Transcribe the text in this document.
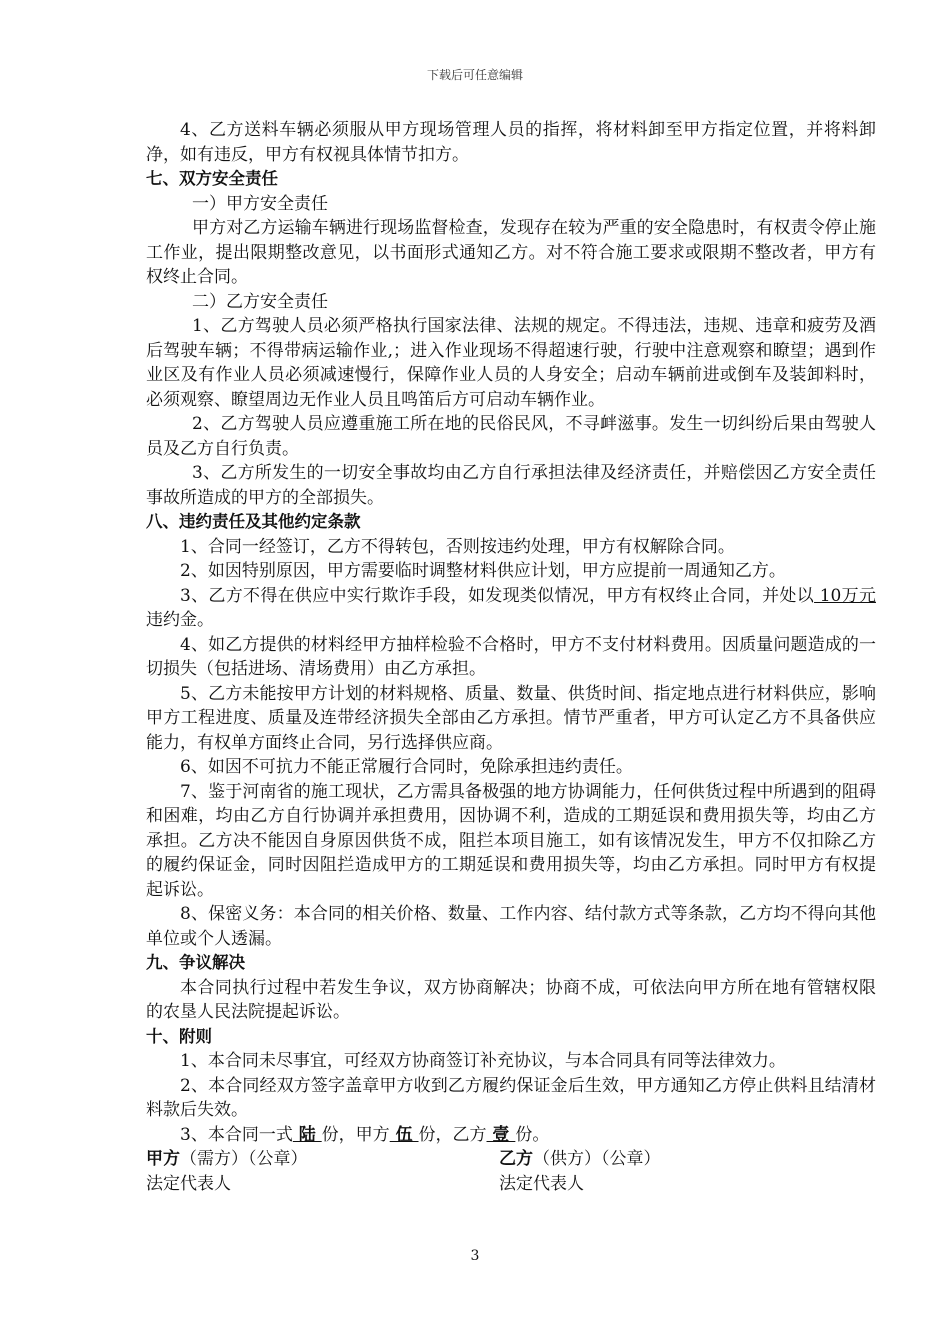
下载后可任意编辑

4、乙方送料车辆必须服从甲方现场管理人员的指挥，将材料卸至甲方指定位置，并将料卸净，如有违反，甲方有权视具体情节扣方。

七、双方安全责任

一）甲方安全责任

甲方对乙方运输车辆进行现场监督检查，发现存在较为严重的安全隐患时，有权责令停止施工作业，提出限期整改意见，以书面形式通知乙方。对不符合施工要求或限期不整改者，甲方有权终止合同。

二）乙方安全责任

1、乙方驾驶人员必须严格执行国家法律、法规的规定。不得违法，违规、违章和疲劳及酒后驾驶车辆；不得带病运输作业,；进入作业现场不得超速行驶，行驶中注意观察和瞭望；遇到作业区及有作业人员必须减速慢行，保障作业人员的人身安全；启动车辆前进或倒车及装卸料时，必须观察、瞭望周边无作业人员且鸣笛后方可启动车辆作业。

2、乙方驾驶人员应遵重施工所在地的民俗民风，不寻衅滋事。发生一切纠纷后果由驾驶人员及乙方自行负责。

3、乙方所发生的一切安全事故均由乙方自行承担法律及经济责任，并赔偿因乙方安全责任事故所造成的甲方的全部损失。

八、违约责任及其他约定条款

1、合同一经签订，乙方不得转包，否则按违约处理，甲方有权解除合同。

2、如因特别原因，甲方需要临时调整材料供应计划，甲方应提前一周通知乙方。

3、乙方不得在供应中实行欺诈手段，如发现类似情况，甲方有权终止合同，并处以 10万元 违约金。

4、如乙方提供的材料经甲方抽样检验不合格时，甲方不支付材料费用。因质量问题造成的一切损失（包括进场、清场费用）由乙方承担。

5、乙方未能按甲方计划的材料规格、质量、数量、供货时间、指定地点进行材料供应，影响甲方工程进度、质量及连带经济损失全部由乙方承担。情节严重者，甲方可认定乙方不具备供应能力，有权单方面终止合同，另行选择供应商。

6、如因不可抗力不能正常履行合同时，免除承担违约责任。

7、鉴于河南省的施工现状，乙方需具备极强的地方协调能力，任何供货过程中所遇到的阻碍和困难，均由乙方自行协调并承担费用，因协调不利，造成的工期延误和费用损失等，均由乙方承担。乙方决不能因自身原因供货不成，阻拦本项目施工，如有该情况发生，甲方不仅扣除乙方的履约保证金，同时因阻拦造成甲方的工期延误和费用损失等，均由乙方承担。同时甲方有权提起诉讼。

8、保密义务：本合同的相关价格、数量、工作内容、结付款方式等条款，乙方均不得向其他单位或个人透漏。

九、争议解决

本合同执行过程中若发生争议，双方协商解决；协商不成，可依法向甲方所在地有管辖权限的农垦人民法院提起诉讼。

十、附则

1、本合同未尽事宜，可经双方协商签订补充协议，与本合同具有同等法律效力。

2、本合同经双方签字盖章甲方收到乙方履约保证金后生效，甲方通知乙方停止供料且结清材料款后失效。

3、本合同一式 陆 份，甲方 伍 份，乙方 壹 份。

甲方（需方）（公章）
法定代表人
乙方（供方）（公章）
法定代表人
3
